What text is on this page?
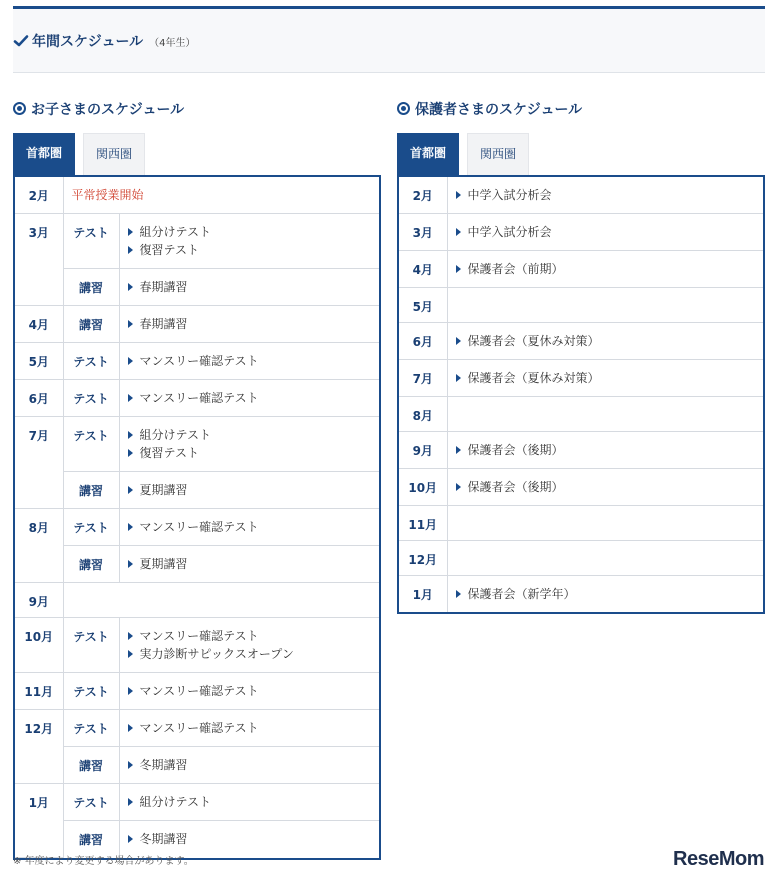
年間スケジュール （4年生）
お子さまのスケジュール
首都圏	関西圏
2月	平常授業開始	
3月	テスト	組分けテスト
復習テスト

	講習	春期講習

4月	講習	春期講習

5月	テスト	マンスリー確認テスト

6月	テスト	マンスリー確認テスト

7月	テスト	組分けテスト
復習テスト

	講習	夏期講習

8月	テスト	マンスリー確認テスト

	講習	夏期講習

9月		
10月	テスト	マンスリー確認テスト
実力診断サピックスオープン

11月	テスト	マンスリー確認テスト

12月	テスト	マンスリー確認テスト

	講習	冬期講習

1月	テスト	組分けテスト

	講習	冬期講習
保護者さまのスケジュール
首都圏	関西圏
2月	中学入試分析会

3月	中学入試分析会

4月	保護者会（前期）

5月	
6月	保護者会（夏休み対策）

7月	保護者会（夏休み対策）

8月	
9月	保護者会（後期）

10月	保護者会（後期）

11月	
12月	
1月	保護者会（新学年）
※ 年度により変更する場合があります。	ReseMom
